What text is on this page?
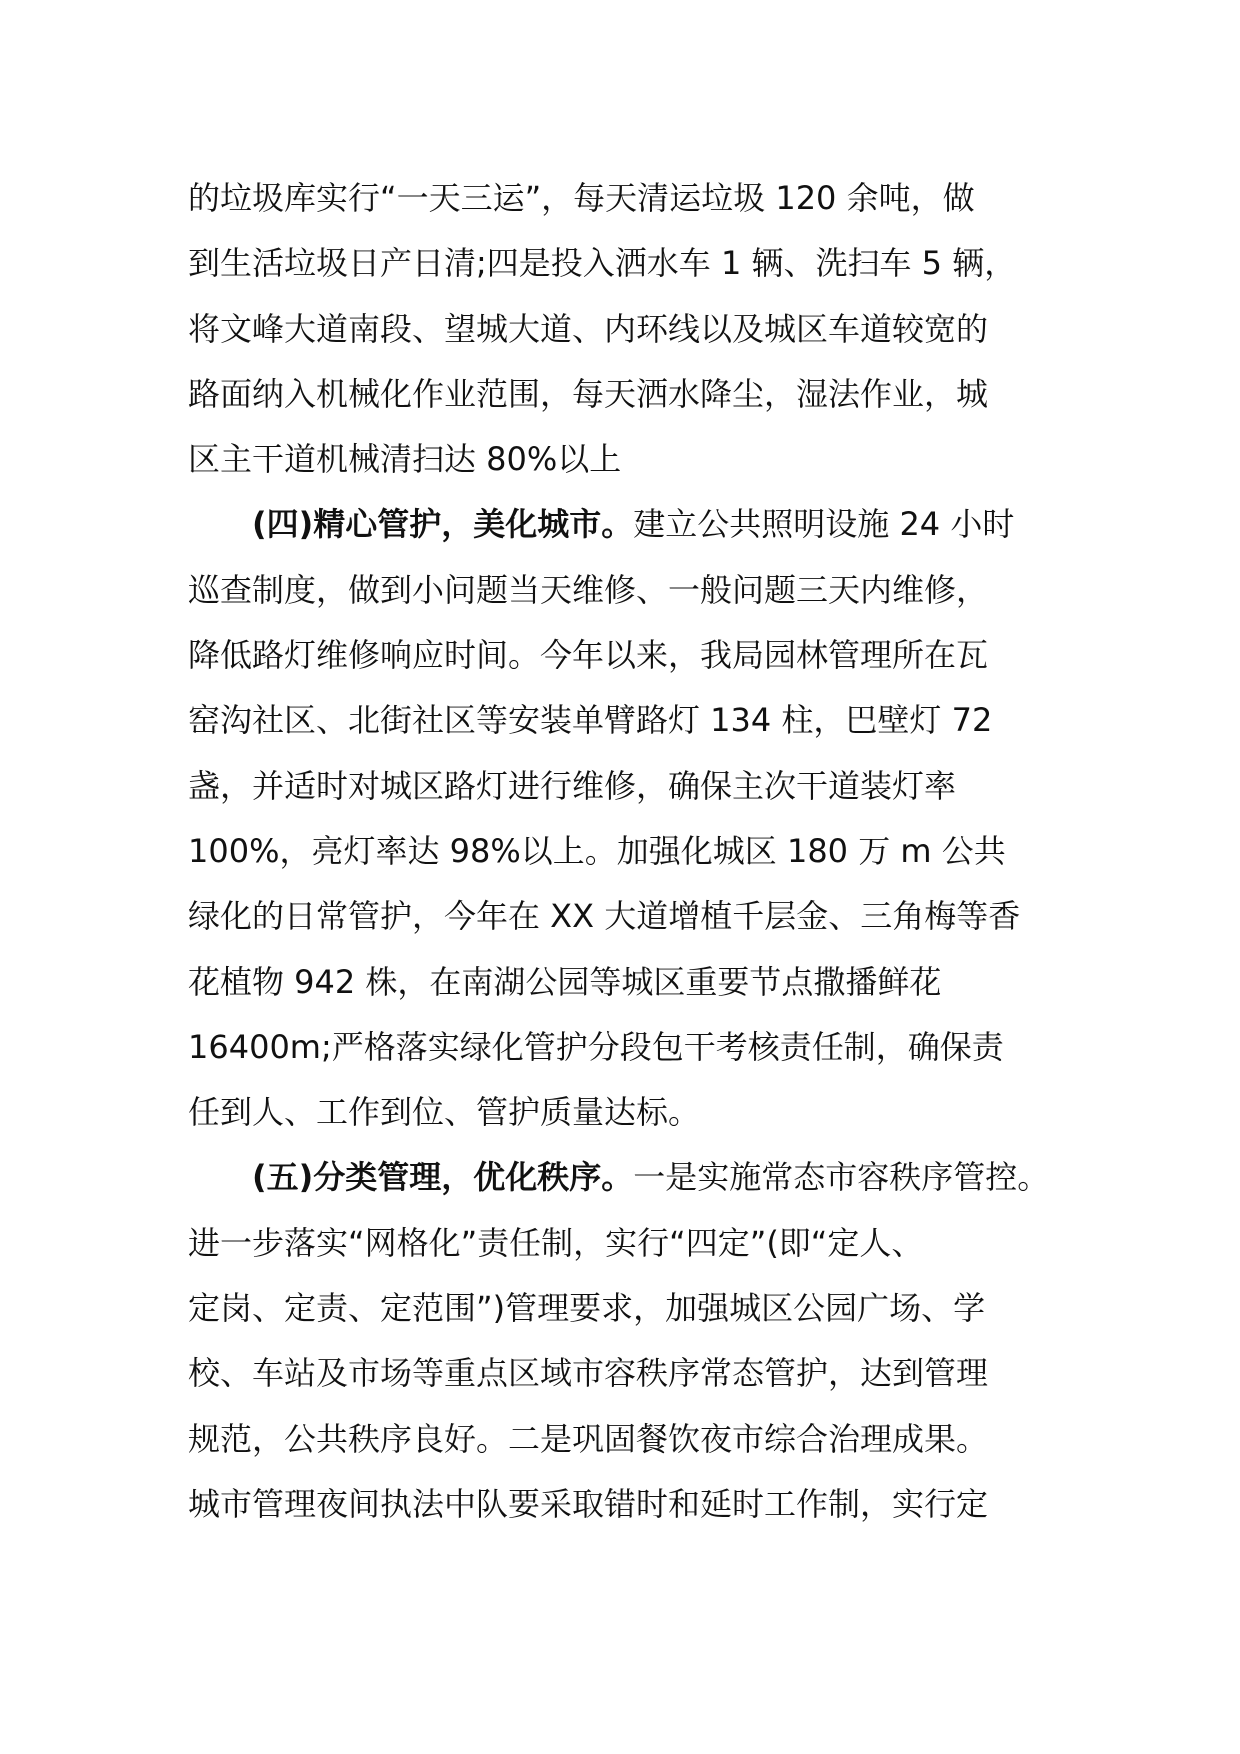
的垃圾库实行“一天三运”，每天清运垃圾 120 余吨，做
到生活垃圾日产日清;四是投入洒水车 1 辆、洗扫车 5 辆，
将文峰大道南段、望城大道、内环线以及城区车道较宽的
路面纳入机械化作业范围，每天洒水降尘，湿法作业，城
区主干道机械清扫达 80%以上
(四)精心管护，美化城市。建立公共照明设施 24 小时
巡查制度，做到小问题当天维修、一般问题三天内维修，
降低路灯维修响应时间。今年以来，我局园林管理所在瓦
窑沟社区、北街社区等安装单臂路灯 134 柱，巴壁灯 72
盏，并适时对城区路灯进行维修，确保主次干道装灯率
100%，亮灯率达 98%以上。加强化城区 180 万 m 公共
绿化的日常管护，今年在 XX 大道增植千层金、三角梅等香
花植物 942 株，在南湖公园等城区重要节点撒播鲜花
16400m;严格落实绿化管护分段包干考核责任制，确保责
任到人、工作到位、管护质量达标。
(五)分类管理，优化秩序。一是实施常态市容秩序管控。
进一步落实“网格化”责任制，实行“四定”(即“定人、
定岗、定责、定范围”)管理要求，加强城区公园广场、学
校、车站及市场等重点区域市容秩序常态管护，达到管理
规范，公共秩序良好。二是巩固餐饮夜市综合治理成果。
城市管理夜间执法中队要采取错时和延时工作制，实行定
